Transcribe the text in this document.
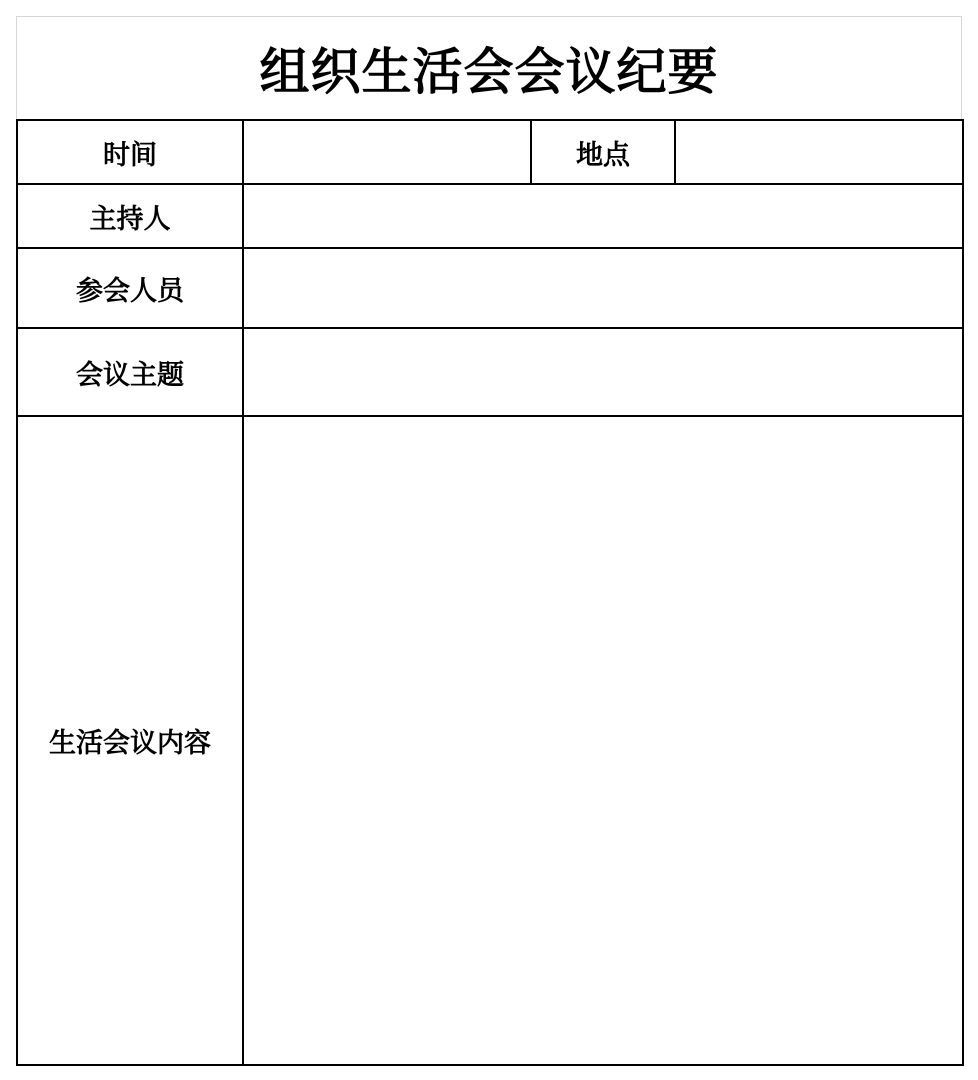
组织生活会会议纪要
时间		地点	
主持人			
参会人员			
会议主题			
生活会议内容			
